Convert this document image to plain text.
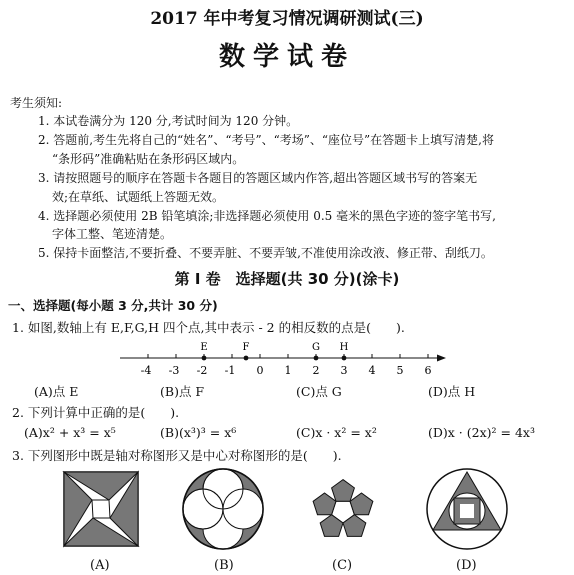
2017 年中考复习情况调研测试(三)
数学试卷
考生须知:
1. 本试卷满分为 120 分,考试时间为 120 分钟。
2. 答题前,考生先将自己的“姓名”、“考号”、“考场”、“座位号”在答题卡上填写清楚,将
“条形码”准确粘贴在条形码区域内。
3. 请按照题号的顺序在答题卡各题目的答题区域内作答,超出答题区域书写的答案无
效;在草纸、试题纸上答题无效。
4. 选择题必须使用 2B 铅笔填涂;非选择题必须使用 0.5 毫米的黑色字迹的签字笔书写,
字体工整、笔迹清楚。
5. 保持卡面整洁,不要折叠、不要弄脏、不要弄皱,不准使用涂改液、修正带、刮纸刀。
第 Ⅰ 卷　选择题(共 30 分)(涂卡)
一、选择题(每小题 3 分,共计 30 分)
1. 如图,数轴上有 E,F,G,H 四个点,其中表示 - 2 的相反数的点是(　　).
-4 -3 -2 -1 0 1 2 3 4 5 6
E	F	G H
(A)点 E	(B)点 F	(C)点 G	(D)点 H
2. 下列计算中正确的是(　　).
(A)x² + x³ = x⁵	(B)(x³)³ = x⁶	(C)x · x² = x²	(D)x · (2x)² = 4x³
3. 下列图形中既是轴对称图形又是中心对称图形的是(　　).
(A)	(B)	(C)	(D)
